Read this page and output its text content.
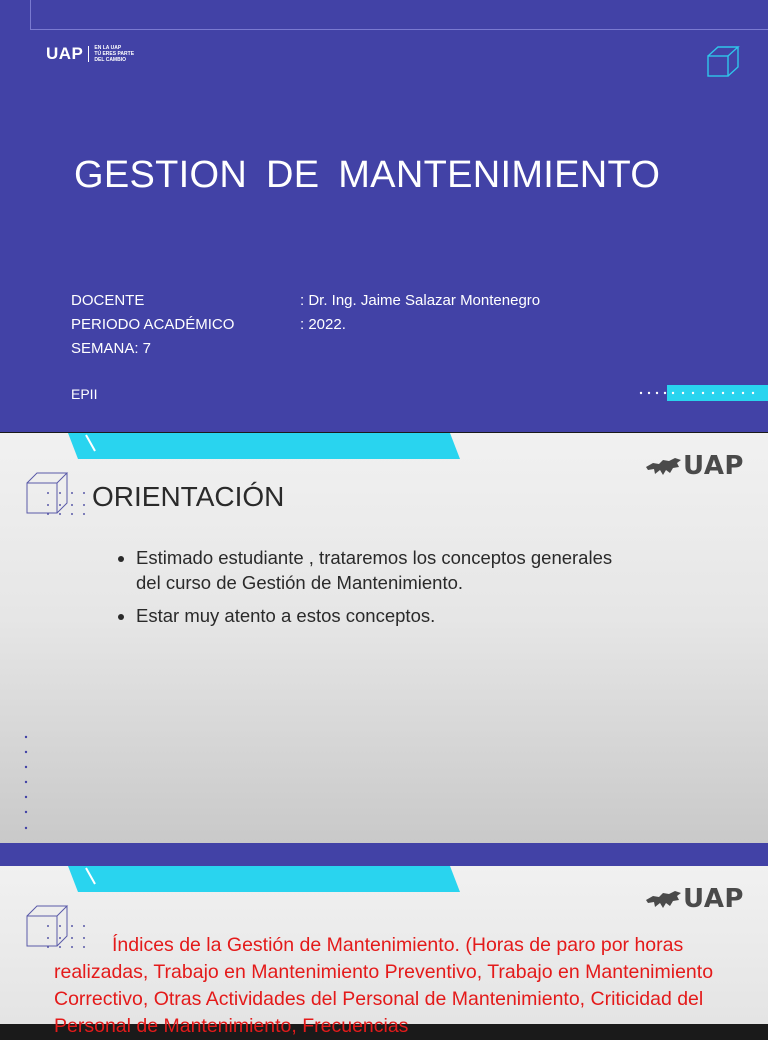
UAP EN LA UAP
TÚ ERES PARTE
DEL CAMBIO
GESTION DE MANTENIMIENTO
DOCENTE	: Dr. Ing. Jaime Salazar Montenegro
PERIODO ACADÉMICO	: 2022.
SEMANA: 7
EPII
UAP
ORIENTACIÓN
• Estimado estudiante , trataremos los conceptos generales del curso de Gestión de Mantenimiento.
• Estar muy atento a estos conceptos.
UAP

Índices de la Gestión de Mantenimiento. (Horas de paro por horas realizadas, Trabajo en Mantenimiento Preventivo, Trabajo en Mantenimiento Correctivo, Otras Actividades del Personal de Mantenimiento, Criticidad del Personal de Mantenimiento, Frecuencias
